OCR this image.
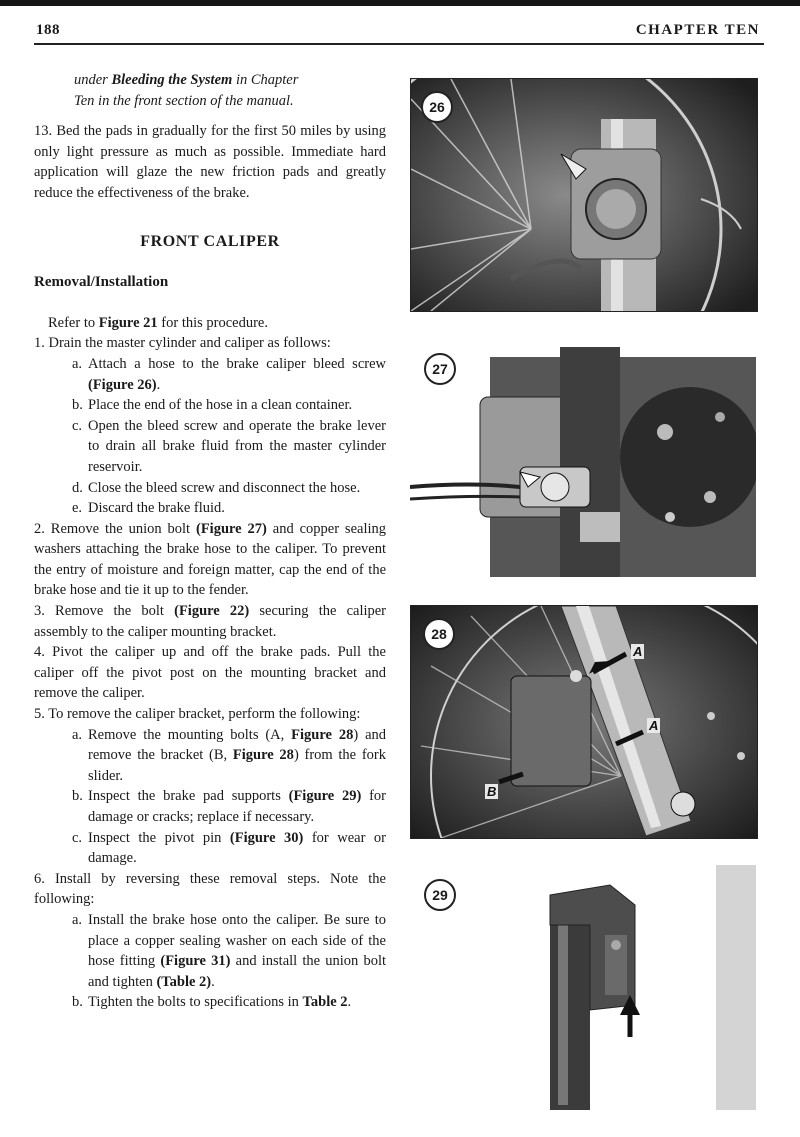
188	CHAPTER TEN

under Bleeding the System in Chapter
Ten in the front section of the manual.

13. Bed the pads in gradually for the first 50 miles by using only light pressure as much as possible. Immediate hard application will glaze the new friction pads and greatly reduce the effectiveness of the brake.

FRONT CALIPER

Removal/Installation

Refer to Figure 21 for this procedure.

1. Drain the master cylinder and caliper as follows:

a. Attach a hose to the brake caliper bleed screw (Figure 26).

b. Place the end of the hose in a clean container.

c. Open the bleed screw and operate the brake lever to drain all brake fluid from the master cylinder reservoir.

d. Close the bleed screw and disconnect the hose.

e. Discard the brake fluid.

2. Remove the union bolt (Figure 27) and copper sealing washers attaching the brake hose to the caliper. To prevent the entry of moisture and foreign matter, cap the end of the brake hose and tie it up to the fender.

3. Remove the bolt (Figure 22) securing the caliper assembly to the caliper mounting bracket.

4. Pivot the caliper up and off the brake pads. Pull the caliper off the pivot post on the mounting bracket and remove the caliper.

5. To remove the caliper bracket, perform the following:

a. Remove the mounting bolts (A, Figure 28) and remove the bracket (B, Figure 28) from the fork slider.

b. Inspect the brake pad supports (Figure 29) for damage or cracks; replace if necessary.

c. Inspect the pivot pin (Figure 30) for wear or damage.

6. Install by reversing these removal steps. Note the following:

a. Install the brake hose onto the caliper. Be sure to place a copper sealing washer on each side of the hose fitting (Figure 31) and install the union bolt and tighten (Table 2).

b. Tighten the bolts to specifications in Table 2.

26
27
28
A
A
B
29
